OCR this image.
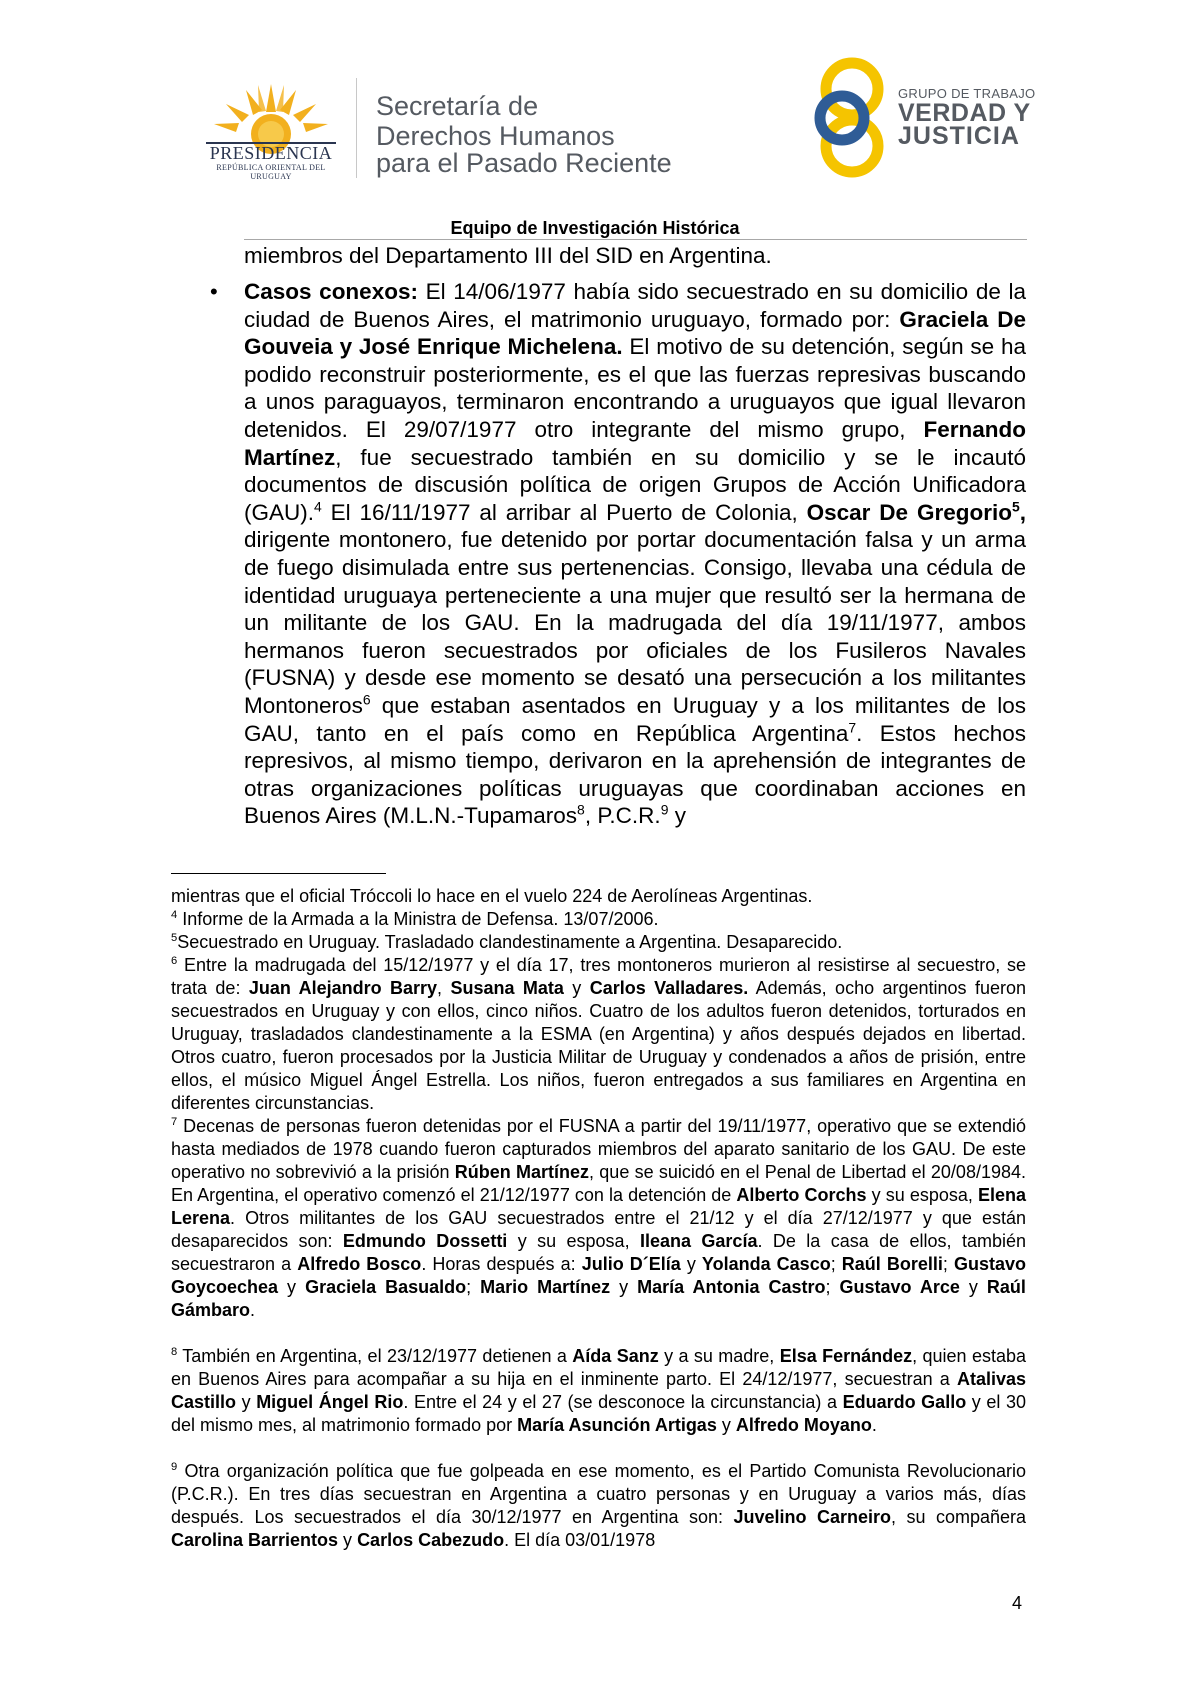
PRESIDENCIA
REPÚBLICA ORIENTAL DEL URUGUAY
Secretaría de
Derechos Humanos
para el Pasado Reciente
GRUPO DE TRABAJO
VERDAD Y
JUSTICIA
Equipo de Investigación Histórica
miembros del Departamento III del SID en Argentina.
• Casos conexos: El 14/06/1977 había sido secuestrado en su domicilio de la ciudad de Buenos Aires, el matrimonio uruguayo, formado por: Graciela De Gouveia y José Enrique Michelena. El motivo de su detención, según se ha podido reconstruir posteriormente, es el que las fuerzas represivas buscando a unos paraguayos, terminaron encontrando a uruguayos que igual llevaron detenidos. El 29/07/1977 otro integrante del mismo grupo, Fernando Martínez, fue secuestrado también en su domicilio y se le incautó documentos de discusión política de origen Grupos de Acción Unificadora (GAU).$^4$ El 16/11/1977 al arribar al Puerto de Colonia, Oscar De Gregorio$^5$, dirigente montonero, fue detenido por portar documentación falsa y un arma de fuego disimulada entre sus pertenencias. Consigo, llevaba una cédula de identidad uruguaya perteneciente a una mujer que resultó ser la hermana de un militante de los GAU. En la madrugada del día 19/11/1977, ambos hermanos fueron secuestrados por oficiales de los Fusileros Navales (FUSNA) y desde ese momento se desató una persecución a los militantes Montoneros$^6$ que estaban asentados en Uruguay y a los militantes de los GAU, tanto en el país como en República Argentina$^7$. Estos hechos represivos, al mismo tiempo, derivaron en la aprehensión de integrantes de otras organizaciones políticas uruguayas que coordinaban acciones en Buenos Aires (M.L.N.-Tupamaros$^8$, P.C.R.$^9$ y
mientras que el oficial Tróccoli lo hace en el vuelo 224 de Aerolíneas Argentinas.
$^4$ Informe de la Armada a la Ministra de Defensa. 13/07/2006.
$^5$Secuestrado en Uruguay. Trasladado clandestinamente a Argentina. Desaparecido.
$^6$ Entre la madrugada del 15/12/1977 y el día 17, tres montoneros murieron al resistirse al secuestro, se trata de: Juan Alejandro Barry, Susana Mata y Carlos Valladares. Además, ocho argentinos fueron secuestrados en Uruguay y con ellos, cinco niños. Cuatro de los adultos fueron detenidos, torturados en Uruguay, trasladados clandestinamente a la ESMA (en Argentina) y años después dejados en libertad. Otros cuatro, fueron procesados por la Justicia Militar de Uruguay y condenados a años de prisión, entre ellos, el músico Miguel Ángel Estrella. Los niños, fueron entregados a sus familiares en Argentina en diferentes circunstancias.
$^7$ Decenas de personas fueron detenidas por el FUSNA a partir del 19/11/1977, operativo que se extendió hasta mediados de 1978 cuando fueron capturados miembros del aparato sanitario de los GAU. De este operativo no sobrevivió a la prisión Rúben Martínez, que se suicidó en el Penal de Libertad el 20/08/1984. En Argentina, el operativo comenzó el 21/12/1977 con la detención de Alberto Corchs y su esposa, Elena Lerena. Otros militantes de los GAU secuestrados entre el 21/12 y el día 27/12/1977 y que están desaparecidos son: Edmundo Dossetti y su esposa, Ileana García. De la casa de ellos, también secuestraron a Alfredo Bosco. Horas después a: Julio D´Elía y Yolanda Casco; Raúl Borelli; Gustavo Goycoechea y Graciela Basualdo; Mario Martínez y María Antonia Castro; Gustavo Arce y Raúl Gámbaro.
$^8$ También en Argentina, el 23/12/1977 detienen a Aída Sanz y a su madre, Elsa Fernández, quien estaba en Buenos Aires para acompañar a su hija en el inminente parto. El 24/12/1977, secuestran a Atalivas Castillo y Miguel Ángel Rio. Entre el 24 y el 27 (se desconoce la circunstancia) a Eduardo Gallo y el 30 del mismo mes, al matrimonio formado por María Asunción Artigas y Alfredo Moyano.
$^9$ Otra organización política que fue golpeada en ese momento, es el Partido Comunista Revolucionario (P.C.R.). En tres días secuestran en Argentina a cuatro personas y en Uruguay a varios más, días después. Los secuestrados el día 30/12/1977 en Argentina son: Juvelino Carneiro, su compañera Carolina Barrientos y Carlos Cabezudo. El día 03/01/1978
4
